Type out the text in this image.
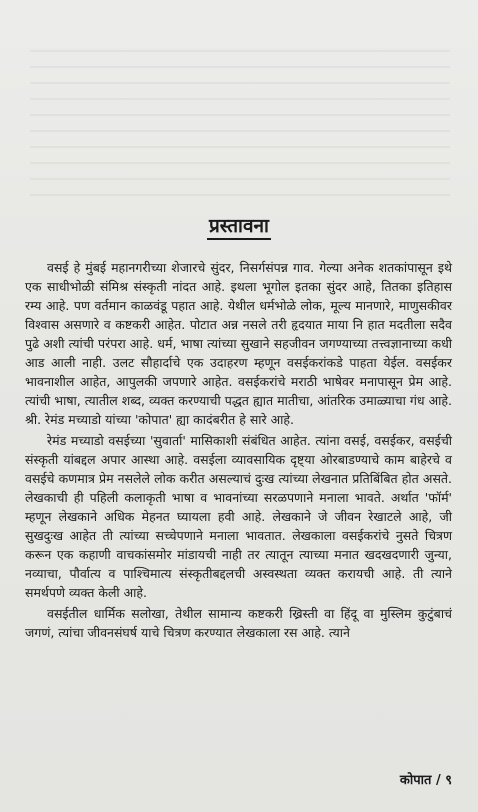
प्रस्तावना

वसई हे मुंबई महानगरीच्या शेजारचे सुंदर, निसर्गसंपन्न गाव. गेल्या अनेक शतकांपासून इथे एक साधीभोळी संमिश्र संस्कृती नांदत आहे. इथला भूगोल इतका सुंदर आहे, तितका इतिहास रम्य आहे. पण वर्तमान काळवंडू पहात आहे. येथील धर्मभोळे लोक, मूल्य मानणारे, माणुसकीवर विश्वास असणारे व कष्टकरी आहेत. पोटात अन्न नसले तरी हृदयात माया नि हात मदतीला सदैव पुढे अशी त्यांची परंपरा आहे. धर्म, भाषा त्यांच्या सुखाने सहजीवन जगण्याच्या तत्त्वज्ञानाच्या कधी आड आली नाही. उलट सौहार्दाचे एक उदाहरण म्हणून वसईकरांकडे पाहता येईल. वसईकर भावनाशील आहेत, आपुलकी जपणारे आहेत. वसईकरांचे मराठी भाषेवर मनापासून प्रेम आहे. त्यांची भाषा, त्यातील शब्द, व्यक्त करण्याची पद्धत ह्यात मातीचा, आंतरिक उमाळ्याचा गंध आहे. श्री. रेमंड मच्याडो यांच्या 'कोपात' ह्या कादंबरीत हे सारे आहे.

रेमंड मच्याडो वसईच्या 'सुवार्ता' मासिकाशी संबंधित आहेत. त्यांना वसई, वसईकर, वसईची संस्कृती यांबद्दल अपार आस्था आहे. वसईला व्यावसायिक दृष्ट्या ओरबाडण्याचे काम बाहेरचे व वसईचे कणमात्र प्रेम नसलेले लोक करीत असल्याचं दुःख त्यांच्या लेखनात प्रतिबिंबित होत असते. लेखकाची ही पहिली कलाकृती भाषा व भावनांच्या सरळपणाने मनाला भावते. अर्थात 'फॉर्म' म्हणून लेखकाने अधिक मेहनत घ्यायला हवी आहे. लेखकाने जे जीवन रेखाटले आहे, जी सुखदुःख आहेत ती त्यांच्या सच्चेपणाने मनाला भावतात. लेखकाला वसईकरांचे नुसते चित्रण करून एक कहाणी वाचकांसमोर मांडायची नाही तर त्यातून त्याच्या मनात खदखदणारी जुन्या, नव्याचा, पौर्वात्य व पाश्चिमात्य संस्कृतीबद्दलची अस्वस्थता व्यक्त करायची आहे. ती त्याने समर्थपणे व्यक्त केली आहे.

वसईतील धार्मिक सलोखा, तेथील सामान्य कष्टकरी ख्रिस्ती वा हिंदू वा मुस्लिम कुटुंबाचं जगणं, त्यांचा जीवनसंघर्ष याचे चित्रण करण्यात लेखकाला रस आहे. त्याने

कोपात / ९
